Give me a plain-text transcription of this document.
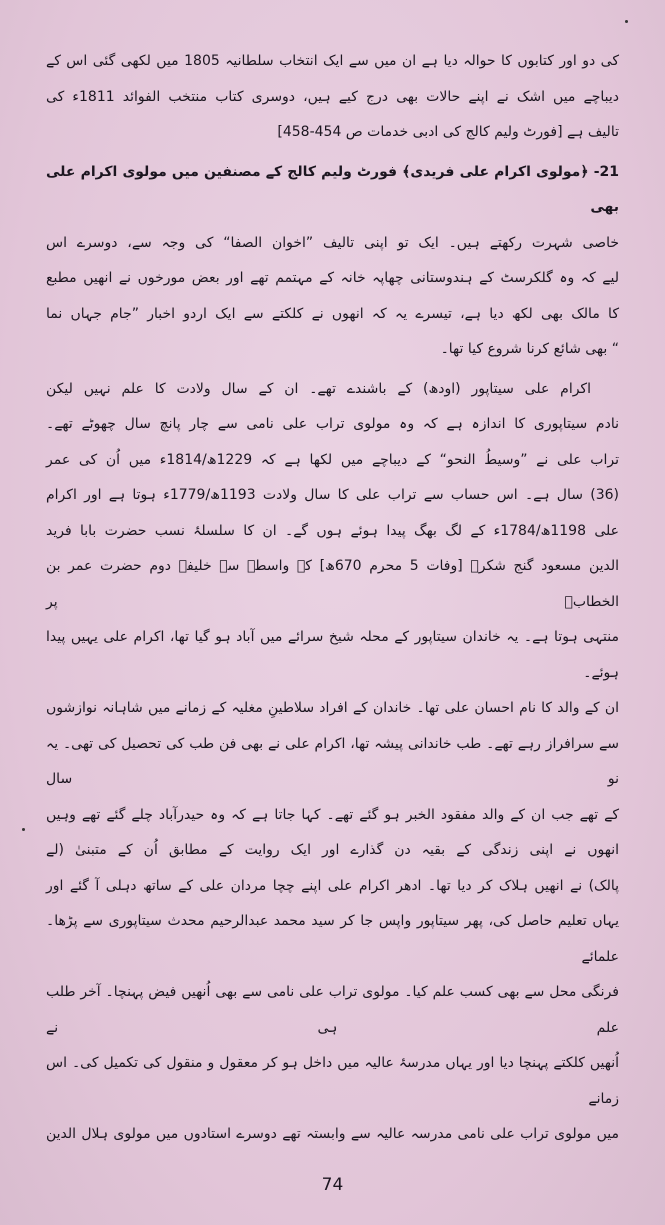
کی دو اور کتابوں کا حوالہ دیا ہے ان میں سے ایک انتخاب سلطانیہ 1805 میں لکھی گئی اس کے
دیباچے میں اشک نے اپنے حالات بھی درج کیے ہیں، دوسری کتاب منتخب الفوائد 1811ء کی
تالیف ہے [فورٹ ولیم کالج کی ادبی خدمات ص 454-458]
21- ﴿مولوی اکرام علی فریدی﴾ فورٹ ولیم کالج کے مصنفین میں مولوی اکرام علی بھی
خاصی شہرت رکھتے ہیں۔ ایک تو اپنی تالیف ”اخوان الصفا“ کی وجہ سے، دوسرے اس
لیے کہ وہ گلکرسٹ کے ہندوستانی چھاپہ خانہ کے مہتمم تھے اور بعض مورخوں نے انھیں مطبع
کا مالک بھی لکھ دیا ہے، تیسرے یہ کہ انھوں نے کلکتے سے ایک اردو اخبار ”جام جہاں نما
“ بھی شائع کرنا شروع کیا تھا۔
اکرام علی سیتاپور (اودھ) کے باشندے تھے۔ ان کے سال ولادت کا علم نہیں لیکن
نادم سیتاپوری کا اندازہ ہے کہ وہ مولوی تراب علی نامی سے چار پانچ سال چھوٹے تھے۔
تراب علی نے ”وسیطُ النحو“ کے دیباچے میں لکھا ہے کہ 1229ھ/1814ء میں اُن کی عمر
(36) سال ہے۔ اس حساب سے تراب علی کا سال ولادت 1193ھ/1779ء ہوتا ہے اور اکرام
علی 1198ھ/1784ء کے لگ بھگ پیدا ہوئے ہوں گے۔ ان کا سلسلۂ نسب حضرت بابا فرید
الدین مسعود گنج شکرؒ [وفات 5 محرم 670ھ] کے واسطے سے خلیفۂ دوم حضرت عمر بن الخطابؓ پر
منتہی ہوتا ہے۔ یہ خاندان سیتاپور کے محلہ شیخ سرائے میں آباد ہو گیا تھا، اکرام علی یہیں پیدا ہوئے۔
ان کے والد کا نام احسان علی تھا۔ خاندان کے افراد سلاطینِ مغلیہ کے زمانے میں شاہانہ نوازشوں
سے سرافراز رہے تھے۔ طب خاندانی پیشہ تھا، اکرام علی نے بھی فن طب کی تحصیل کی تھی۔ یہ نو سال
کے تھے جب ان کے والد مفقود الخبر ہو گئے تھے۔ کہا جاتا ہے کہ وہ حیدرآباد چلے گئے تھے وہیں
انھوں نے اپنی زندگی کے بقیہ دن گذارے اور ایک روایت کے مطابق اُن کے متبنیٰ (لے
پالک) نے انھیں ہلاک کر دیا تھا۔ ادھر اکرام علی اپنے چچا مردان علی کے ساتھ دہلی آ گئے اور
یہاں تعلیم حاصل کی، پھر سیتاپور واپس جا کر سید محمد عبدالرحیم محدث سیتاپوری سے پڑھا۔ علمائے
فرنگی محل سے بھی کسب علم کیا۔ مولوی تراب علی نامی سے بھی اُنھیں فیض پہنچا۔ آخر طلب علم ہی نے
اُنھیں کلکتے پہنچا دیا اور یہاں مدرسۂ عالیہ میں داخل ہو کر معقول و منقول کی تکمیل کی۔ اس زمانے
میں مولوی تراب علی نامی مدرسہ عالیہ سے وابستہ تھے دوسرے استادوں میں مولوی ہلال الدین
74
